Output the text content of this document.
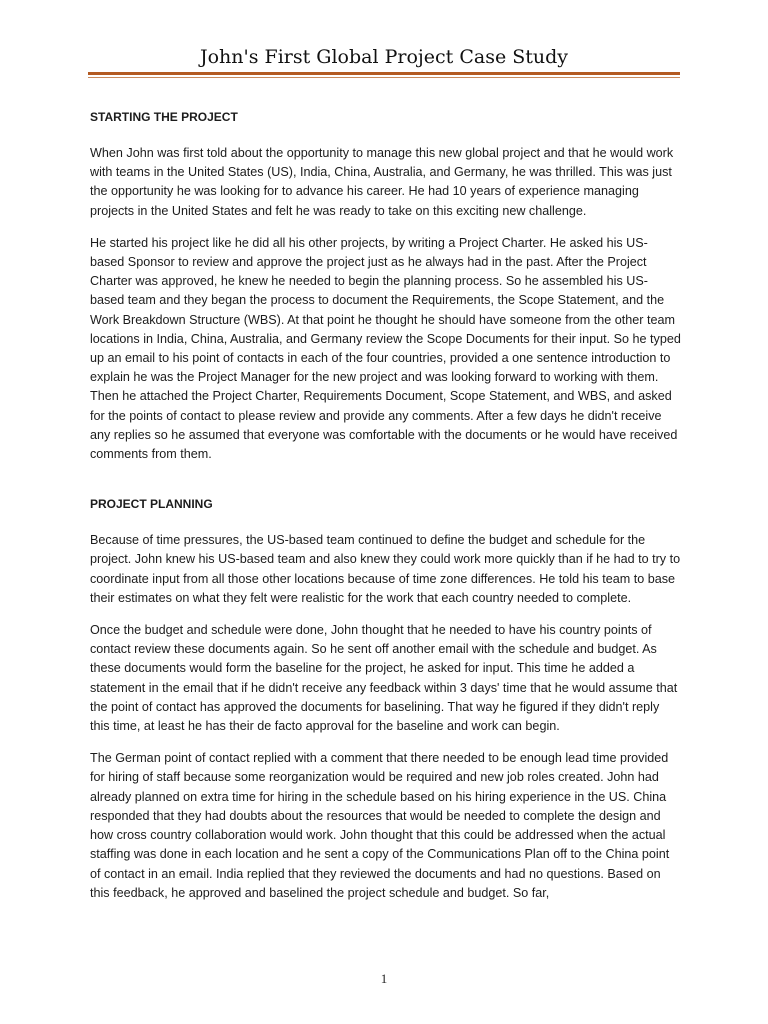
John's First Global Project Case Study
STARTING THE PROJECT

When John was first told about the opportunity to manage this new global project and that he would work with teams in the United States (US), India, China, Australia, and Germany, he was thrilled. This was just the opportunity he was looking for to advance his career. He had 10 years of experience managing projects in the United States and felt he was ready to take on this exciting new challenge.

He started his project like he did all his other projects, by writing a Project Charter. He asked his US-based Sponsor to review and approve the project just as he always had in the past. After the Project Charter was approved, he knew he needed to begin the planning process. So he assembled his US-based team and they began the process to document the Requirements, the Scope Statement, and the Work Breakdown Structure (WBS). At that point he thought he should have someone from the other team locations in India, China, Australia, and Germany review the Scope Documents for their input. So he typed up an email to his point of contacts in each of the four countries, provided a one sentence introduction to explain he was the Project Manager for the new project and was looking forward to working with them. Then he attached the Project Charter, Requirements Document, Scope Statement, and WBS, and asked for the points of contact to please review and provide any comments. After a few days he didn't receive any replies so he assumed that everyone was comfortable with the documents or he would have received comments from them.

PROJECT PLANNING

Because of time pressures, the US-based team continued to define the budget and schedule for the project. John knew his US-based team and also knew they could work more quickly than if he had to try to coordinate input from all those other locations because of time zone differences. He told his team to base their estimates on what they felt were realistic for the work that each country needed to complete.

Once the budget and schedule were done, John thought that he needed to have his country points of contact review these documents again. So he sent off another email with the schedule and budget. As these documents would form the baseline for the project, he asked for input. This time he added a statement in the email that if he didn't receive any feedback within 3 days' time that he would assume that the point of contact has approved the documents for baselining. That way he figured if they didn't reply this time, at least he has their de facto approval for the baseline and work can begin.

The German point of contact replied with a comment that there needed to be enough lead time provided for hiring of staff because some reorganization would be required and new job roles created. John had already planned on extra time for hiring in the schedule based on his hiring experience in the US. China responded that they had doubts about the resources that would be needed to complete the design and how cross country collaboration would work. John thought that this could be addressed when the actual staffing was done in each location and he sent a copy of the Communications Plan off to the China point of contact in an email. India replied that they reviewed the documents and had no questions. Based on this feedback, he approved and baselined the project schedule and budget. So far,

1
